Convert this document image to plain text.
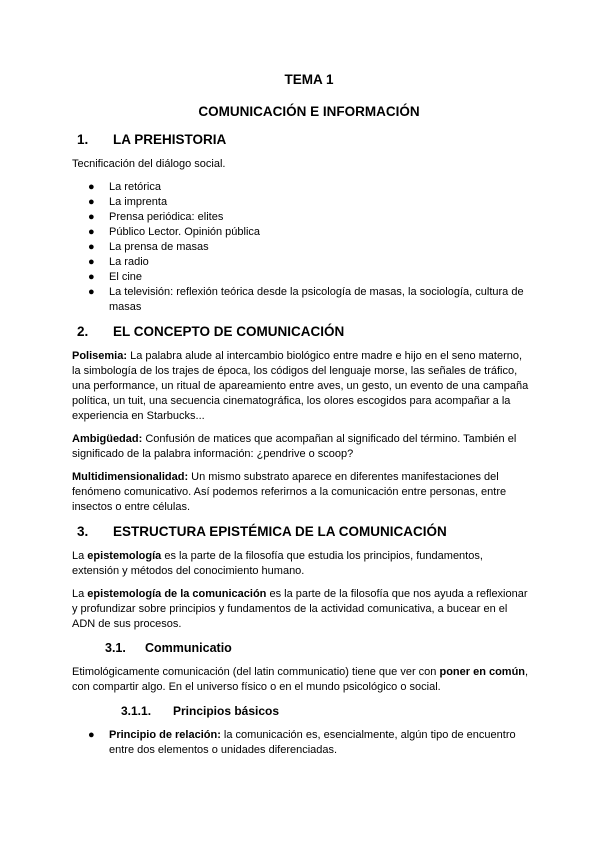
TEMA 1
COMUNICACIÓN E INFORMACIÓN
1. LA PREHISTORIA

Tecnificación del diálogo social.

● La retórica
● La imprenta
● Prensa periódica: elites
● Público Lector. Opinión pública
● La prensa de masas
● La radio
● El cine
● La televisión: reflexión teórica desde la psicología de masas, la sociología, cultura de masas
2. EL CONCEPTO DE COMUNICACIÓN

Polisemia: La palabra alude al intercambio biológico entre madre e hijo en el seno materno, la simbología de los trajes de época, los códigos del lenguaje morse, las señales de tráfico, una performance, un ritual de apareamiento entre aves, un gesto, un evento de una campaña política, un tuit, una secuencia cinematográfica, los olores escogidos para acompañar a la experiencia en Starbucks...

Ambigüedad: Confusión de matices que acompañan al significado del término. También el significado de la palabra información: ¿pendrive o scoop?

Multidimensionalidad: Un mismo substrato aparece en diferentes manifestaciones del fenómeno comunicativo. Así podemos referirnos a la comunicación entre personas, entre insectos o entre células.

3. ESTRUCTURA EPISTÉMICA DE LA COMUNICACIÓN

La epistemología es la parte de la filosofía que estudia los principios, fundamentos, extensión y métodos del conocimiento humano.

La epistemología de la comunicación es la parte de la filosofía que nos ayuda a reflexionar y profundizar sobre principios y fundamentos de la actividad comunicativa, a bucear en el ADN de sus procesos.

3.1. Communicatio

Etimológicamente comunicación (del latin communicatio) tiene que ver con poner en común, con compartir algo. En el universo físico o en el mundo psicológico o social.

3.1.1. Principios básicos
● Principio de relación: la comunicación es, esencialmente, algún tipo de encuentro entre dos elementos o unidades diferenciadas.
